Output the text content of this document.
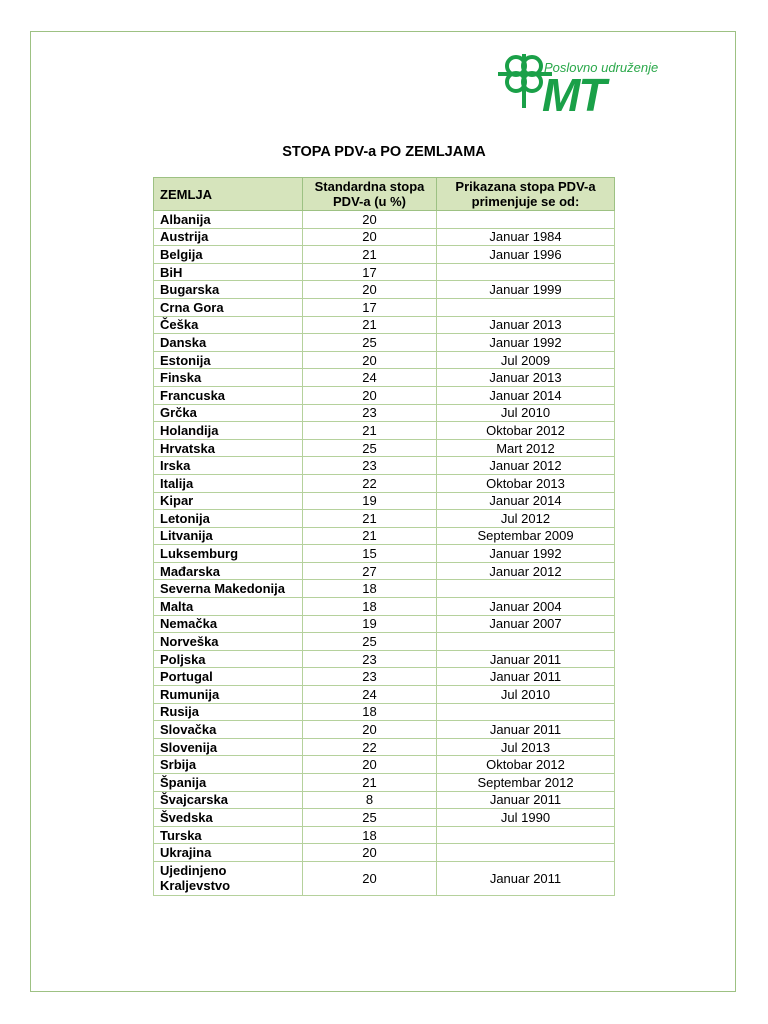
Poslovno udruženje
MT
STOPA PDV-a PO ZEMLJAMA
ZEMLJA	Standardna stopa PDV-a (u %)	Prikazana stopa PDV-a primenjuje se od:
Albanija	20	
Austrija	20	Januar 1984
Belgija	21	Januar 1996
BiH	17	
Bugarska	20	Januar 1999
Crna Gora	17	
Češka	21	Januar 2013
Danska	25	Januar 1992
Estonija	20	Jul 2009
Finska	24	Januar 2013
Francuska	20	Januar 2014
Grčka	23	Jul 2010
Holandija	21	Oktobar 2012
Hrvatska	25	Mart 2012
Irska	23	Januar 2012
Italija	22	Oktobar 2013
Kipar	19	Januar 2014
Letonija	21	Jul 2012
Litvanija	21	Septembar 2009
Luksemburg	15	Januar 1992
Mađarska	27	Januar 2012
Severna Makedonija	18	
Malta	18	Januar 2004
Nemačka	19	Januar 2007
Norveška	25	
Poljska	23	Januar 2011
Portugal	23	Januar 2011
Rumunija	24	Jul 2010
Rusija	18	
Slovačka	20	Januar 2011
Slovenija	22	Jul 2013
Srbija	20	Oktobar 2012
Španija	21	Septembar 2012
Švajcarska	8	Januar 2011
Švedska	25	Jul 1990
Turska	18	
Ukrajina	20	
Ujedinjeno Kraljevstvo	20	Januar 2011
